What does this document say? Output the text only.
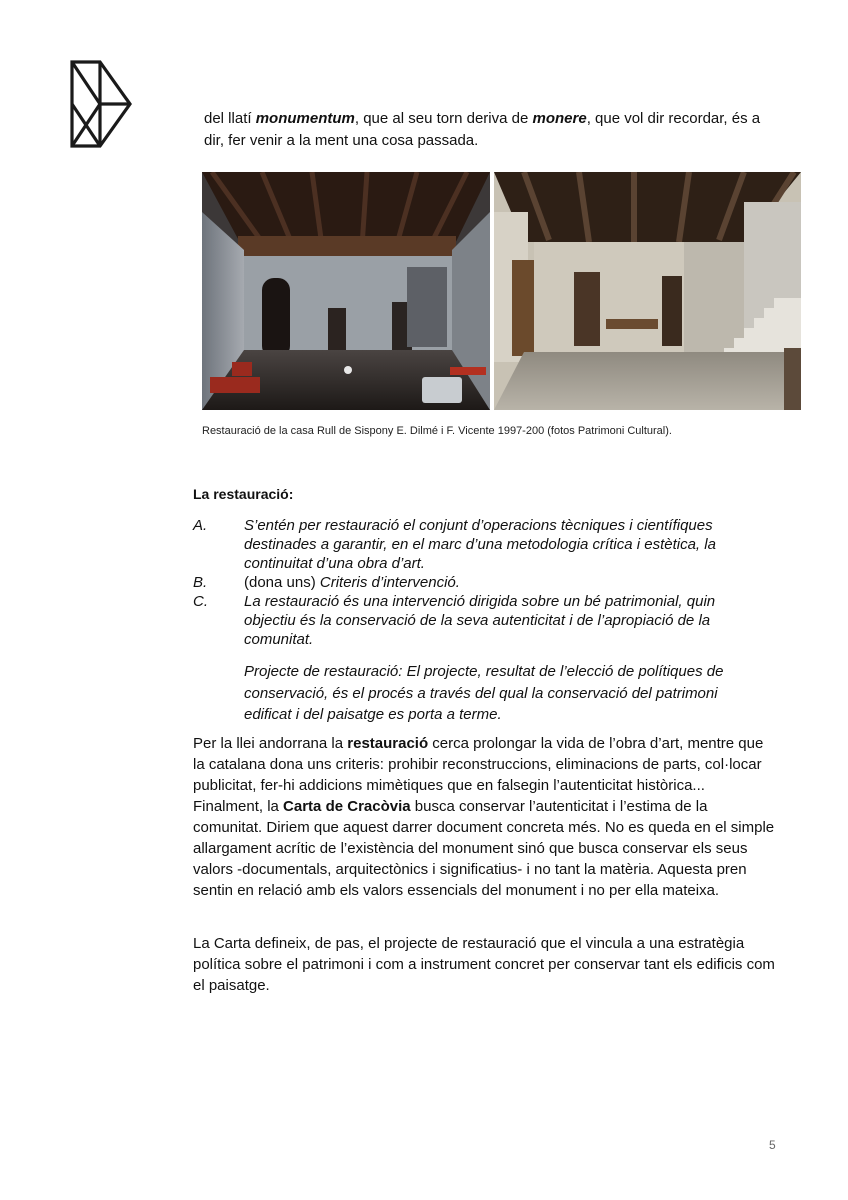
del llatí monumentum, que al seu torn deriva de monere, que vol dir recordar, és a dir, fer venir a la ment una cosa passada.

Restauració de la casa Rull de Sispony E. Dilmé i F. Vicente 1997-200 (fotos Patrimoni Cultural).

La restauració:
A. S’entén per restauració el conjunt d’operacions tècniques i científiques destinades a garantir, en el marc d’una metodologia crítica i estètica, la continuitat d’una obra d’art.
B. (dona uns) Criteris d’intervenció.
C. La restauració és una intervenció dirigida sobre un bé patrimonial, quin objectiu és la conservació de la seva autenticitat i de l’apropiació de la comunitat.
Projecte de restauració: El projecte, resultat de l’elecció de polítiques de conservació, és el procés a través del qual la conservació del patrimoni edificat i del paisatge es porta a terme.

Per la llei andorrana la restauració cerca prolongar la vida de l’obra d’art, mentre que la catalana dona uns criteris: prohibir reconstruccions, eliminacions de parts, col·locar publicitat, fer-hi addicions mimètiques que en falsegin l’autenticitat històrica... Finalment, la Carta de Cracòvia busca conservar l’autenticitat i l’estima de la comunitat. Diriem que aquest darrer document concreta més. No es queda en el simple allargament acrític de l’existència del monument sinó que busca conservar els seus valors -documentals, arquitectònics i significatius- i no tant la matèria. Aquesta pren sentin en relació amb els valors essencials del monument i no per ella mateixa.

La Carta defineix, de pas, el projecte de restauració que el vincula a una estratègia política sobre el patrimoni i com a instrument concret per conservar tant els edificis com el paisatge.

5
